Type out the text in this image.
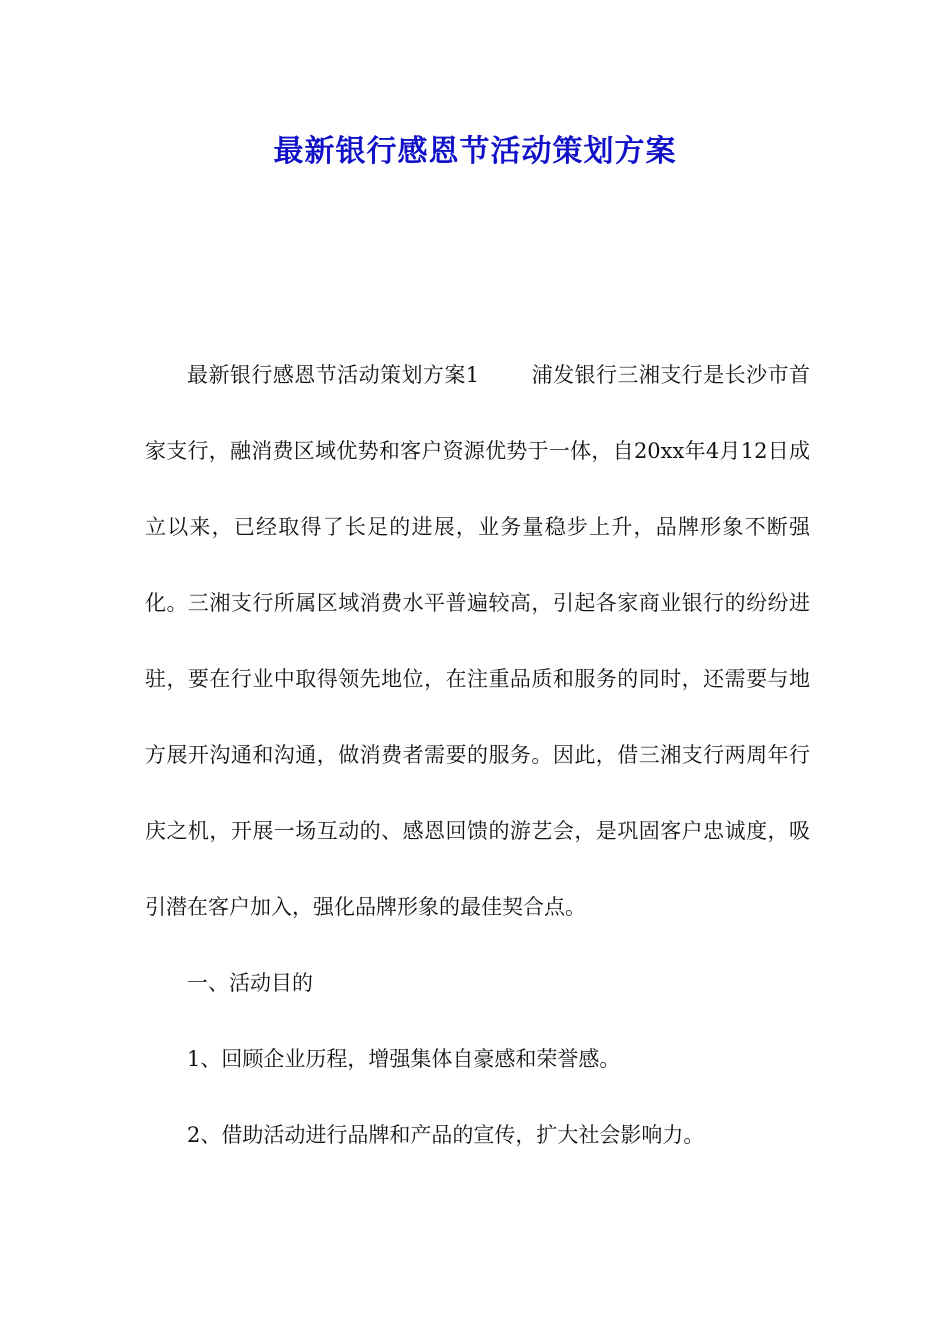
最新银行感恩节活动策划方案

最新银行感恩节活动策划方案1 浦发银行三湘支行是长沙市首家支行，融消费区域优势和客户资源优势于一体，自20xx年4月12日成立以来，已经取得了长足的进展，业务量稳步上升，品牌形象不断强化。三湘支行所属区域消费水平普遍较高，引起各家商业银行的纷纷进驻，要在行业中取得领先地位，在注重品质和服务的同时，还需要与地方展开沟通和沟通，做消费者需要的服务。因此，借三湘支行两周年行庆之机，开展一场互动的、感恩回馈的游艺会，是巩固客户忠诚度，吸引潜在客户加入，强化品牌形象的最佳契合点。

一、活动目的

1、回顾企业历程，增强集体自豪感和荣誉感。

2、借助活动进行品牌和产品的宣传，扩大社会影响力。
